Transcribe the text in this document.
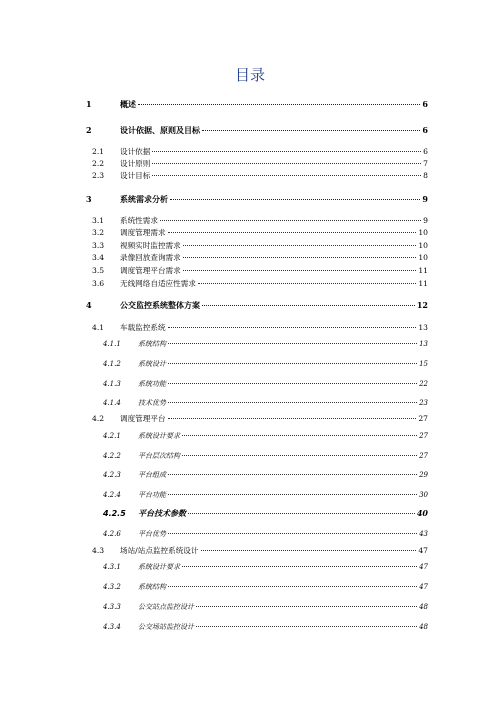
目录
1	概述	6
2	设计依据、原则及目标	6
2.1	设计依据	6
2.2	设计原则	7
2.3	设计目标	8
3	系统需求分析	9
3.1	系统性需求	9
3.2	调度管理需求	10
3.3	视频实时监控需求	10
3.4	录像回放查询需求	10
3.5	调度管理平台需求	11
3.6	无线网络自适应性需求	11
4	公交监控系统整体方案	12
4.1	车载监控系统	13
4.1.1	系统结构	13
4.1.2	系统设计	15
4.1.3	系统功能	22
4.1.4	技术优势	23
4.2	调度管理平台	27
4.2.1	系统设计要求	27
4.2.2	平台层次结构	27
4.2.3	平台组成	29
4.2.4	平台功能	30
4.2.5	平台技术参数	40
4.2.6	平台优势	43
4.3	场站/站点监控系统设计	47
4.3.1	系统设计要求	47
4.3.2	系统结构	47
4.3.3	公交站点监控设计	48
4.3.4	公交场站监控设计	48
